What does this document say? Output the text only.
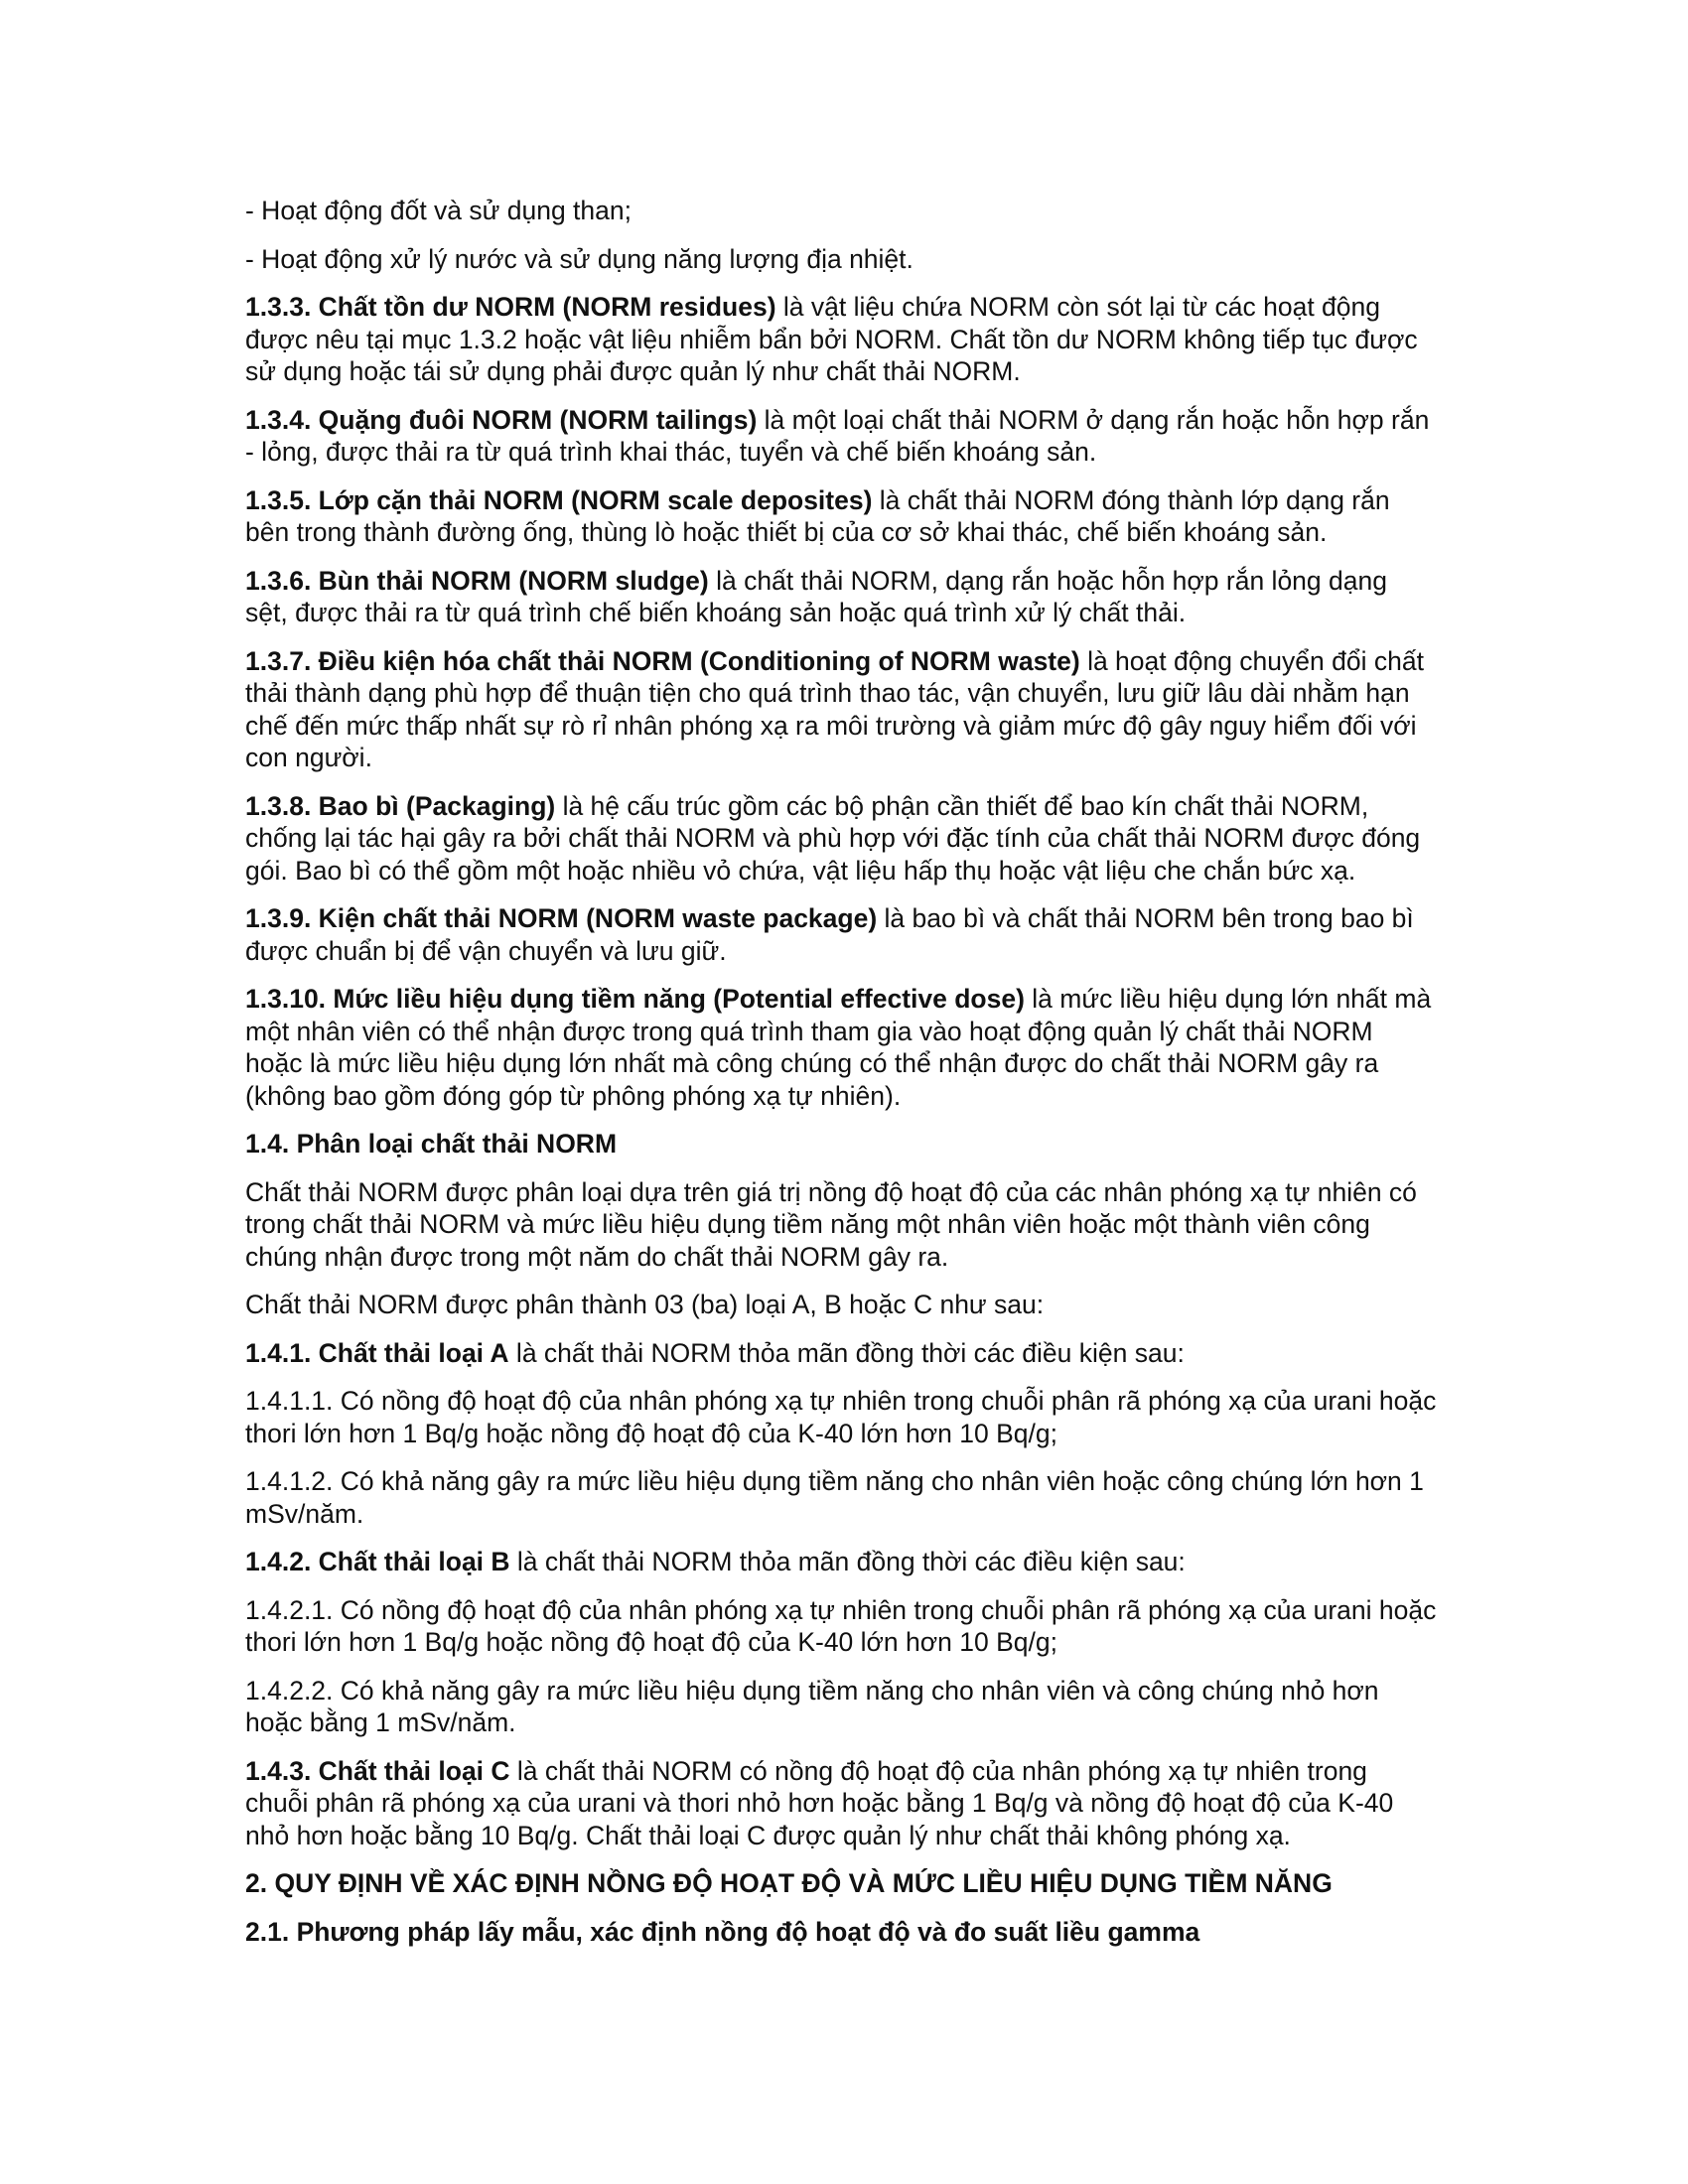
- Hoạt động đốt và sử dụng than;
- Hoạt động xử lý nước và sử dụng năng lượng địa nhiệt.
1.3.3. Chất tồn dư NORM (NORM residues) là vật liệu chứa NORM còn sót lại từ các hoạt động được nêu tại mục 1.3.2 hoặc vật liệu nhiễm bẩn bởi NORM. Chất tồn dư NORM không tiếp tục được sử dụng hoặc tái sử dụng phải được quản lý như chất thải NORM.
1.3.4. Quặng đuôi NORM (NORM tailings) là một loại chất thải NORM ở dạng rắn hoặc hỗn hợp rắn - lỏng, được thải ra từ quá trình khai thác, tuyển và chế biến khoáng sản.
1.3.5. Lớp cặn thải NORM (NORM scale deposites) là chất thải NORM đóng thành lớp dạng rắn bên trong thành đường ống, thùng lò hoặc thiết bị của cơ sở khai thác, chế biến khoáng sản.
1.3.6. Bùn thải NORM (NORM sludge) là chất thải NORM, dạng rắn hoặc hỗn hợp rắn lỏng dạng sệt, được thải ra từ quá trình chế biến khoáng sản hoặc quá trình xử lý chất thải.
1.3.7. Điều kiện hóa chất thải NORM (Conditioning of NORM waste) là hoạt động chuyển đổi chất thải thành dạng phù hợp để thuận tiện cho quá trình thao tác, vận chuyển, lưu giữ lâu dài nhằm hạn chế đến mức thấp nhất sự rò rỉ nhân phóng xạ ra môi trường và giảm mức độ gây nguy hiểm đối với con người.
1.3.8. Bao bì (Packaging) là hệ cấu trúc gồm các bộ phận cần thiết để bao kín chất thải NORM, chống lại tác hại gây ra bởi chất thải NORM và phù hợp với đặc tính của chất thải NORM được đóng gói. Bao bì có thể gồm một hoặc nhiều vỏ chứa, vật liệu hấp thụ hoặc vật liệu che chắn bức xạ.
1.3.9. Kiện chất thải NORM (NORM waste package) là bao bì và chất thải NORM bên trong bao bì được chuẩn bị để vận chuyển và lưu giữ.
1.3.10. Mức liều hiệu dụng tiềm năng (Potential effective dose) là mức liều hiệu dụng lớn nhất mà một nhân viên có thể nhận được trong quá trình tham gia vào hoạt động quản lý chất thải NORM hoặc là mức liều hiệu dụng lớn nhất mà công chúng có thể nhận được do chất thải NORM gây ra (không bao gồm đóng góp từ phông phóng xạ tự nhiên).
1.4. Phân loại chất thải NORM
Chất thải NORM được phân loại dựa trên giá trị nồng độ hoạt độ của các nhân phóng xạ tự nhiên có trong chất thải NORM và mức liều hiệu dụng tiềm năng một nhân viên hoặc một thành viên công chúng nhận được trong một năm do chất thải NORM gây ra.
Chất thải NORM được phân thành 03 (ba) loại A, B hoặc C như sau:
1.4.1. Chất thải loại A là chất thải NORM thỏa mãn đồng thời các điều kiện sau:
1.4.1.1. Có nồng độ hoạt độ của nhân phóng xạ tự nhiên trong chuỗi phân rã phóng xạ của urani hoặc thori lớn hơn 1 Bq/g hoặc nồng độ hoạt độ của K-40 lớn hơn 10 Bq/g;
1.4.1.2. Có khả năng gây ra mức liều hiệu dụng tiềm năng cho nhân viên hoặc công chúng lớn hơn 1 mSv/năm.
1.4.2. Chất thải loại B là chất thải NORM thỏa mãn đồng thời các điều kiện sau:
1.4.2.1. Có nồng độ hoạt độ của nhân phóng xạ tự nhiên trong chuỗi phân rã phóng xạ của urani hoặc thori lớn hơn 1 Bq/g hoặc nồng độ hoạt độ của K-40 lớn hơn 10 Bq/g;
1.4.2.2. Có khả năng gây ra mức liều hiệu dụng tiềm năng cho nhân viên và công chúng nhỏ hơn hoặc bằng 1 mSv/năm.
1.4.3. Chất thải loại C là chất thải NORM có nồng độ hoạt độ của nhân phóng xạ tự nhiên trong chuỗi phân rã phóng xạ của urani và thori nhỏ hơn hoặc bằng 1 Bq/g và nồng độ hoạt độ của K-40 nhỏ hơn hoặc bằng 10 Bq/g. Chất thải loại C được quản lý như chất thải không phóng xạ.
2. QUY ĐỊNH VỀ XÁC ĐỊNH NỒNG ĐỘ HOẠT ĐỘ VÀ MỨC LIỀU HIỆU DỤNG TIỀM NĂNG
2.1. Phương pháp lấy mẫu, xác định nồng độ hoạt độ và đo suất liều gamma
